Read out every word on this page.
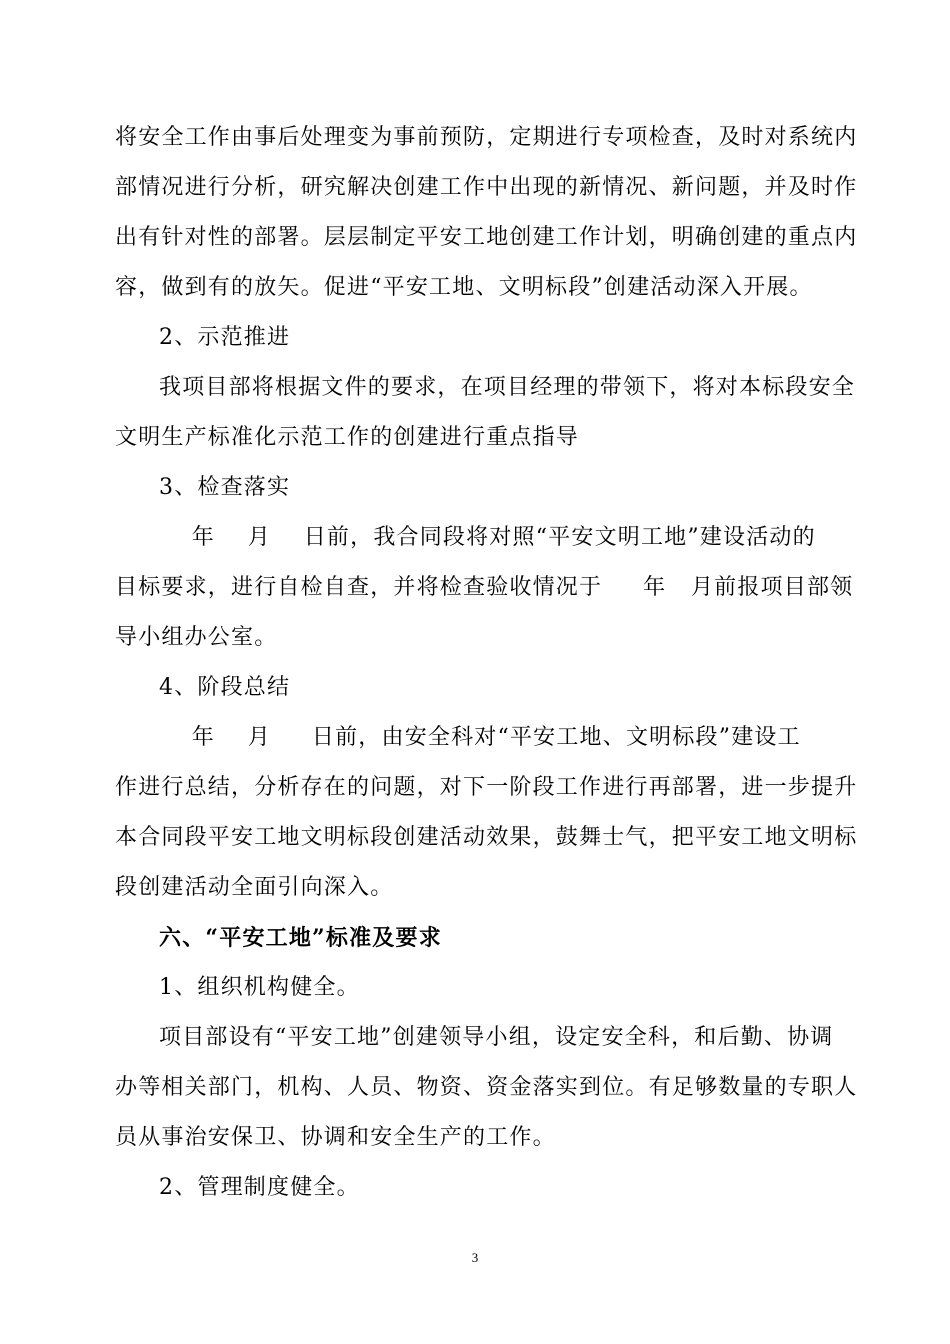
将安全工作由事后处理变为事前预防，定期进行专项检查，及时对系统内
部情况进行分析，研究解决创建工作中出现的新情况、新问题，并及时作
出有针对性的部署。层层制定平安工地创建工作计划，明确创建的重点内
容，做到有的放矢。促进“平安工地、文明标段”创建活动深入开展。
2、示范推进
我项目部将根据文件的要求，在项目经理的带领下，将对本标段安全
文明生产标准化示范工作的创建进行重点指导
3、检查落实
年    月    日前，我合同段将对照“平安文明工地”建设活动的
目标要求，进行自检自查，并将检查验收情况于     年   月前报项目部领
导小组办公室。
4、阶段总结
年    月     日前，由安全科对“平安工地、文明标段”建设工
作进行总结，分析存在的问题，对下一阶段工作进行再部署，进一步提升
本合同段平安工地文明标段创建活动效果，鼓舞士气，把平安工地文明标
段创建活动全面引向深入。
六、“平安工地”标准及要求
1、组织机构健全。
项目部设有“平安工地”创建领导小组，设定安全科，和后勤、协调
办等相关部门，机构、人员、物资、资金落实到位。有足够数量的专职人
员从事治安保卫、协调和安全生产的工作。
2、管理制度健全。
3
